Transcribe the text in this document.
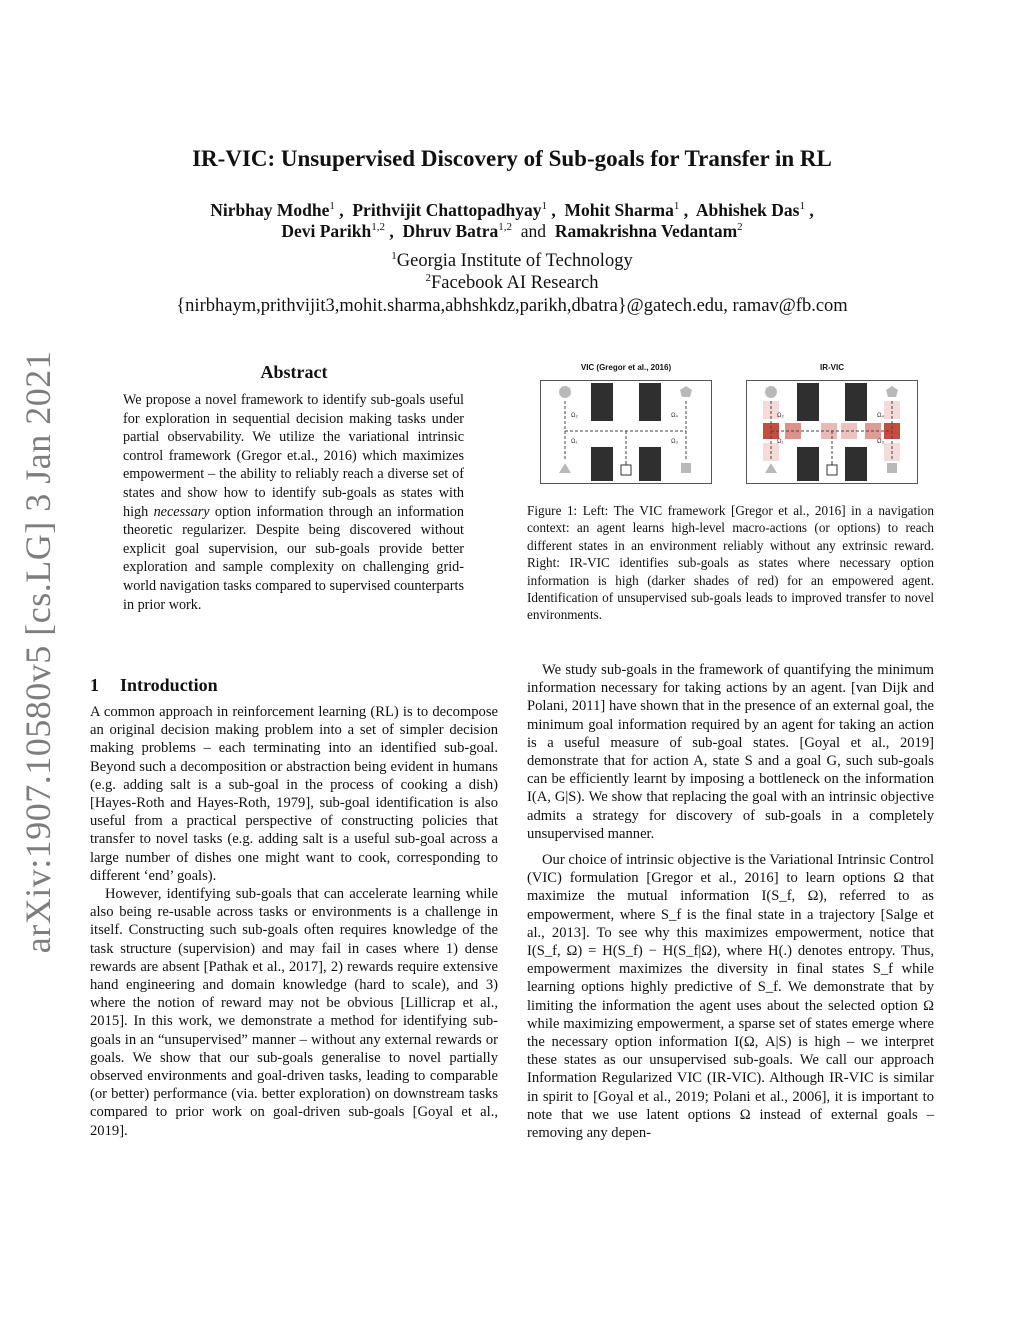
arXiv:1907.10580v5 [cs.LG] 3 Jan 2021
IR-VIC: Unsupervised Discovery of Sub-goals for Transfer in RL
Nirbhay Modhe$^1$ ,  Prithvijit Chattopadhyay$^1$ ,  Mohit Sharma$^1$ ,  Abhishek Das$^1$ ,
Devi Parikh$^{1,2}$ ,  Dhruv Batra$^{1,2}$ and Ramakrishna Vedantam$^2$
$^1$Georgia Institute of Technology
$^2$Facebook AI Research
{nirbhaym,prithvijit3,mohit.sharma,abhshkdz,parikh,dbatra}@gatech.edu, ramav@fb.com
Abstract

We propose a novel framework to identify sub-goals useful for exploration in sequential decision making tasks under partial observability. We utilize the variational intrinsic control framework (Gregor et.al., 2016) which maximizes empowerment – the ability to reliably reach a diverse set of states and show how to identify sub-goals as states with high necessary option information through an information theoretic regularizer. Despite being discovered without explicit goal supervision, our sub-goals provide better exploration and sample complexity on challenging grid-world navigation tasks compared to supervised counterparts in prior work.

1 Introduction

A common approach in reinforcement learning (RL) is to decompose an original decision making problem into a set of simpler decision making problems – each terminating into an identified sub-goal. Beyond such a decomposition or abstraction being evident in humans (e.g. adding salt is a sub-goal in the process of cooking a dish) [Hayes-Roth and Hayes-Roth, 1979], sub-goal identification is also useful from a practical perspective of constructing policies that transfer to novel tasks (e.g. adding salt is a useful sub-goal across a large number of dishes one might want to cook, corresponding to different ‘end’ goals).

However, identifying sub-goals that can accelerate learning while also being re-usable across tasks or environments is a challenge in itself. Constructing such sub-goals often requires knowledge of the task structure (supervision) and may fail in cases where 1) dense rewards are absent [Pathak et al., 2017], 2) rewards require extensive hand engineering and domain knowledge (hard to scale), and 3) where the notion of reward may not be obvious [Lillicrap et al., 2015]. In this work, we demonstrate a method for identifying sub-goals in an “unsupervised” manner – without any external rewards or goals. We show that our sub-goals generalise to novel partially observed environments and goal-driven tasks, leading to comparable (or better) performance (via. better exploration) on downstream tasks compared to prior work on goal-driven sub-goals [Goyal et al., 2019].

VIC (Gregor et al., 2016)
Ω₂	Ω₄
Ω₁	Ω₃
IR-VIC
Ω₂	Ω₄
Ω₁	Ω₃

Figure 1: Left: The VIC framework [Gregor et al., 2016] in a navigation context: an agent learns high-level macro-actions (or options) to reach different states in an environment reliably without any extrinsic reward. Right: IR-VIC identifies sub-goals as states where necessary option information is high (darker shades of red) for an empowered agent. Identification of unsupervised sub-goals leads to improved transfer to novel environments.

We study sub-goals in the framework of quantifying the minimum information necessary for taking actions by an agent. [van Dijk and Polani, 2011] have shown that in the presence of an external goal, the minimum goal information required by an agent for taking an action is a useful measure of sub-goal states. [Goyal et al., 2019] demonstrate that for action A, state S and a goal G, such sub-goals can be efficiently learnt by imposing a bottleneck on the information I(A, G|S). We show that replacing the goal with an intrinsic objective admits a strategy for discovery of sub-goals in a completely unsupervised manner.

Our choice of intrinsic objective is the Variational Intrinsic Control (VIC) formulation [Gregor et al., 2016] to learn options Ω that maximize the mutual information I(S_f, Ω), referred to as empowerment, where S_f is the final state in a trajectory [Salge et al., 2013]. To see why this maximizes empowerment, notice that I(S_f, Ω) = H(S_f) − H(S_f|Ω), where H(.) denotes entropy. Thus, empowerment maximizes the diversity in final states S_f while learning options highly predictive of S_f. We demonstrate that by limiting the information the agent uses about the selected option Ω while maximizing empowerment, a sparse set of states emerge where the necessary option information I(Ω, A|S) is high – we interpret these states as our unsupervised sub-goals. We call our approach Information Regularized VIC (IR-VIC). Although IR-VIC is similar in spirit to [Goyal et al., 2019; Polani et al., 2006], it is important to note that we use latent options Ω instead of external goals – removing any depen-
